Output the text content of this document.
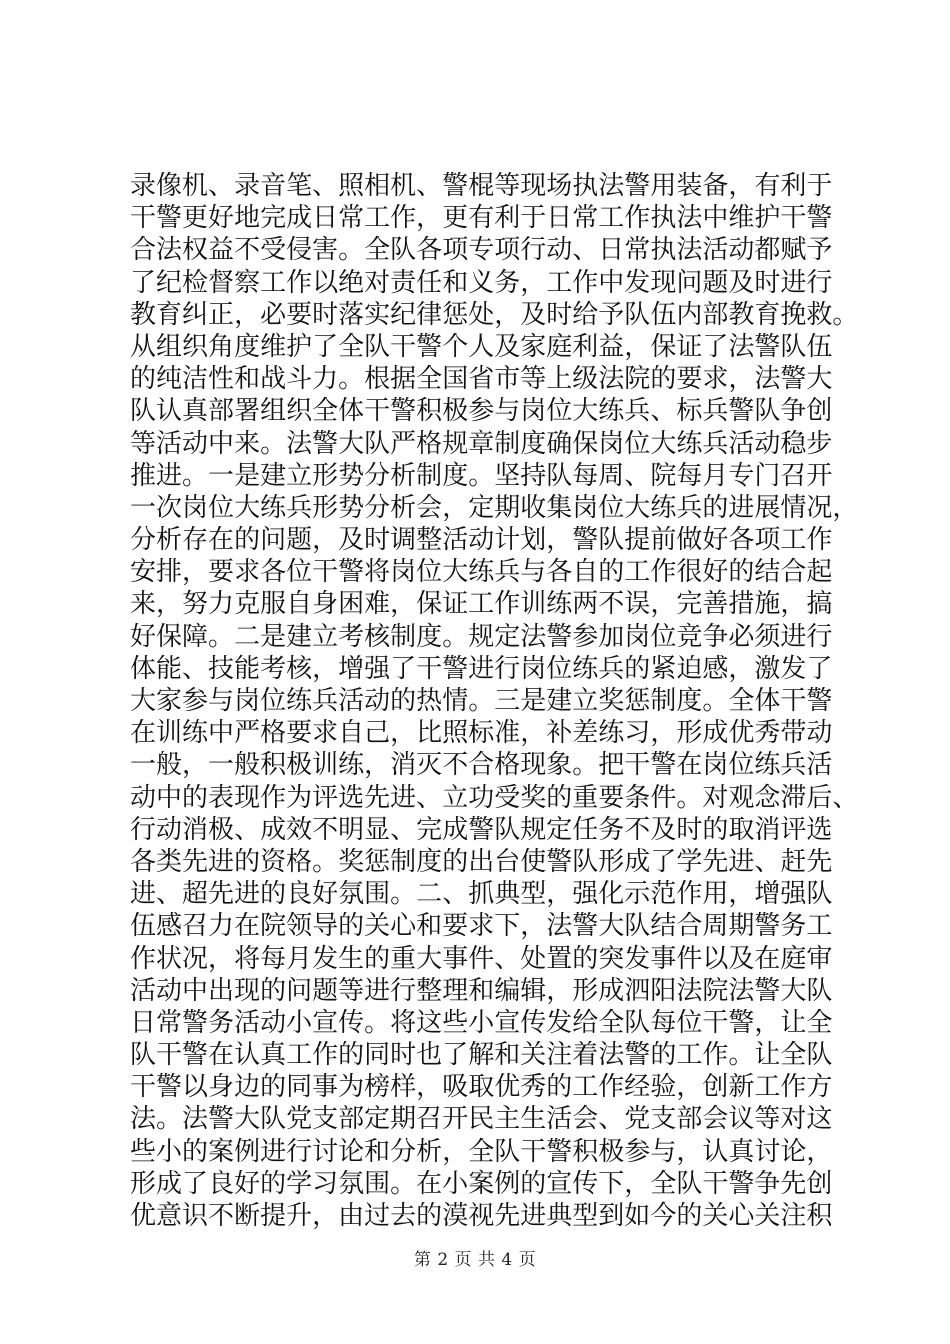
录 像 机 、 录 音 笔 、 照 相 机 、 警 棍 等 现 场 执 法 警 用 装 备 ， 有 利 于
干 警 更 好 地 完 成 日 常 工 作 ， 更 有 利 于 日 常 工 作 执 法 中 维 护 干 警
合 法 权 益 不 受 侵 害 。 全 队 各 项 专 项 行 动 、 日 常 执 法 活 动 都 赋 予
了 纪 检 督 察 工 作 以 绝 对 责 任 和 义 务 ， 工 作 中 发 现 问 题 及 时 进 行
教 育 纠 正 ， 必 要 时 落 实 纪 律 惩 处 ， 及 时 给 予 队 伍 内 部 教 育 挽 救 。
从 组 织 角 度 维 护 了 全 队 干 警 个 人 及 家 庭 利 益 ， 保 证 了 法 警 队 伍
的 纯 洁 性 和 战 斗 力 。 根 据 全 国 省 市 等 上 级 法 院 的 要 求 ， 法 警 大
队 认 真 部 署 组 织 全 体 干 警 积 极 参 与 岗 位 大 练 兵 、 标 兵 警 队 争 创
等 活 动 中 来 。 法 警 大 队 严 格 规 章 制 度 确 保 岗 位 大 练 兵 活 动 稳 步
推 进 。 一 是 建 立 形 势 分 析 制 度 。 坚 持 队 每 周 、 院 每 月 专 门 召 开
一 次 岗 位 大 练 兵 形 势 分 析 会 ， 定 期 收 集 岗 位 大 练 兵 的 进 展 情 况 ，
分 析 存 在 的 问 题 ， 及 时 调 整 活 动 计 划 ， 警 队 提 前 做 好 各 项 工 作
安 排 ， 要 求 各 位 干 警 将 岗 位 大 练 兵 与 各 自 的 工 作 很 好 的 结 合 起
来 ， 努 力 克 服 自 身 困 难 ， 保 证 工 作 训 练 两 不 误 ， 完 善 措 施 ， 搞
好 保 障 。 二 是 建 立 考 核 制 度 。 规 定 法 警 参 加 岗 位 竞 争 必 须 进 行
体 能 、 技 能 考 核 ， 增 强 了 干 警 进 行 岗 位 练 兵 的 紧 迫 感 ， 激 发 了
大 家 参 与 岗 位 练 兵 活 动 的 热 情 。 三 是 建 立 奖 惩 制 度 。 全 体 干 警
在 训 练 中 严 格 要 求 自 己 ， 比 照 标 准 ， 补 差 练 习 ， 形 成 优 秀 带 动
一 般 ， 一 般 积 极 训 练 ， 消 灭 不 合 格 现 象 。 把 干 警 在 岗 位 练 兵 活
动 中 的 表 现 作 为 评 选 先 进 、 立 功 受 奖 的 重 要 条 件 。 对 观 念 滞 后 、
行 动 消 极 、 成 效 不 明 显 、 完 成 警 队 规 定 任 务 不 及 时 的 取 消 评 选
各 类 先 进 的 资 格 。 奖 惩 制 度 的 出 台 使 警 队 形 成 了 学 先 进 、 赶 先
进 、 超 先 进 的 良 好 氛 围 。 二 、 抓 典 型 ， 强 化 示 范 作 用 ， 增 强 队
伍 感 召 力 在 院 领 导 的 关 心 和 要 求 下 ， 法 警 大 队 结 合 周 期 警 务 工
作 状 况 ， 将 每 月 发 生 的 重 大 事 件 、 处 置 的 突 发 事 件 以 及 在 庭 审
活 动 中 出 现 的 问 题 等 进 行 整 理 和 编 辑 ， 形 成 泗 阳 法 院 法 警 大 队
日 常 警 务 活 动 小 宣 传 。 将 这 些 小 宣 传 发 给 全 队 每 位 干 警 ， 让 全
队 干 警 在 认 真 工 作 的 同 时 也 了 解 和 关 注 着 法 警 的 工 作 。 让 全 队
干 警 以 身 边 的 同 事 为 榜 样 ， 吸 取 优 秀 的 工 作 经 验 ， 创 新 工 作 方
法 。 法 警 大 队 党 支 部 定 期 召 开 民 主 生 活 会 、 党 支 部 会 议 等 对 这
些 小 的 案 例 进 行 讨 论 和 分 析 ， 全 队 干 警 积 极 参 与 ， 认 真 讨 论 ，
形 成 了 良 好 的 学 习 氛 围 。 在 小 案 例 的 宣 传 下 ， 全 队 干 警 争 先 创
优 意 识 不 断 提 升 ， 由 过 去 的 漠 视 先 进 典 型 到 如 今 的 关 心 关 注 积
第 2 页 共 4 页
